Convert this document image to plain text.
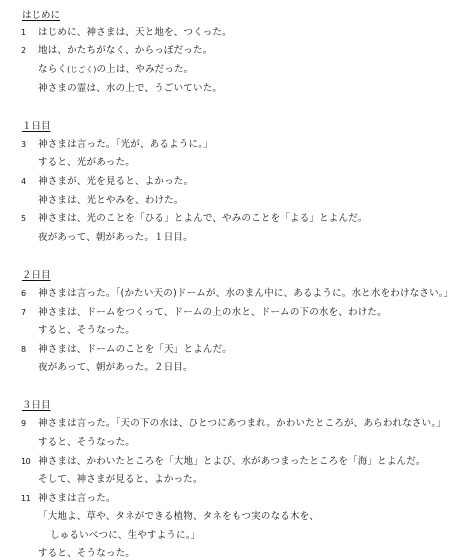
はじめに
1	はじめに、神さまは、天と地を、つくった。
2	地は、かたちがなく、からっぽだった。
ならく(じごく)の上は、やみだった。
神さまの霊は、水の上で、うごいていた。
１日目
3	神さまは言った。「光が、あるように。」
すると、光があった。
4	神さまが、光を見ると、よかった。
神さまは、光とやみを、わけた。
5	神さまは、光のことを「ひる」とよんで、やみのことを「よる」とよんだ。
夜があって、朝があった。１日目。
２日目
6	神さまは言った。「(かたい天の)ドームが、水のまん中に、あるように。水と水をわけなさい。」
7	神さまは、ドームをつくって、ドームの上の水と、ドームの下の水を、わけた。
すると、そうなった。
8	神さまは、ドームのことを「天」とよんだ。
夜があって、朝があった。２日目。
３日目
9	神さまは言った。「天の下の水は、ひとつにあつまれ。かわいたところが、あらわれなさい。」
すると、そうなった。
10 神さまは、かわいたところを「大地」とよび、水があつまったところを「海」とよんだ。
そして、神さまが見ると、よかった。
11 神さまは言った。
「大地よ、草や、タネができる植物、タネをもつ実のなる木を、
しゅるいべつに、生やすように。」
すると、そうなった。
